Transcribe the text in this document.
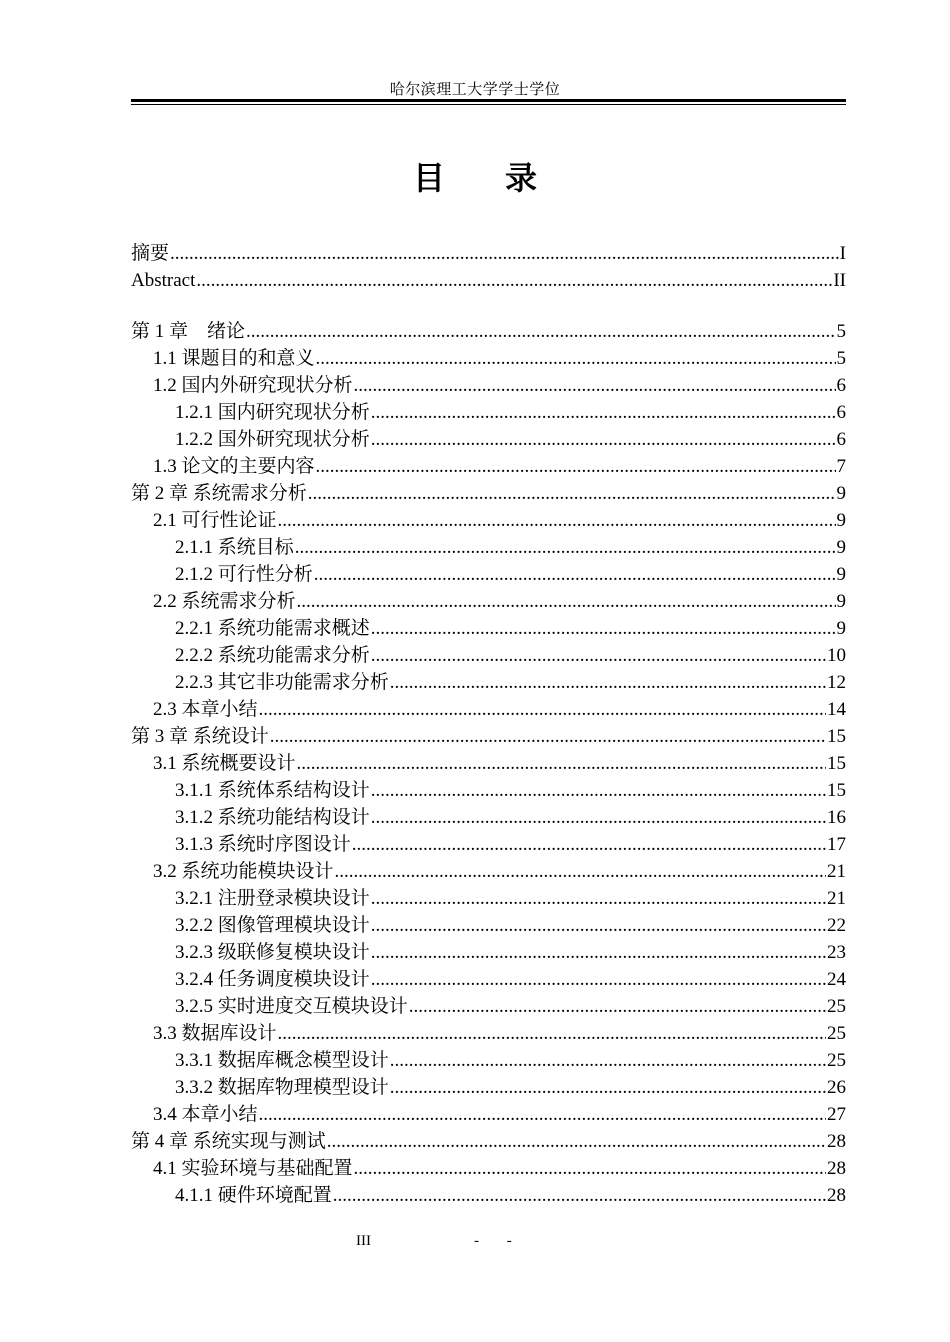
哈尔滨理工大学学士学位
目录
摘要 .....	I
Abstract .....	II
第 1 章　绪论 .....	5
1.1 课题目的和意义 .....	5
1.2 国内外研究现状分析 .....	6
1.2.1 国内研究现状分析 .....	6
1.2.2 国外研究现状分析 .....	6
1.3 论文的主要内容 .....	7
第 2 章 系统需求分析 .....	9
2.1 可行性论证 .....	9
2.1.1 系统目标 .....	9
2.1.2 可行性分析 .....	9
2.2 系统需求分析 .....	9
2.2.1 系统功能需求概述 .....	9
2.2.2 系统功能需求分析 .....	10
2.2.3 其它非功能需求分析 .....	12
2.3 本章小结 .....	14
第 3 章 系统设计 .....	15
3.1 系统概要设计 .....	15
3.1.1 系统体系结构设计 .....	15
3.1.2 系统功能结构设计 .....	16
3.1.3 系统时序图设计 .....	17
3.2 系统功能模块设计 .....	21
3.2.1 注册登录模块设计 .....	21
3.2.2 图像管理模块设计 .....	22
3.2.3 级联修复模块设计 .....	23
3.2.4 任务调度模块设计 .....	24
3.2.5 实时进度交互模块设计 .....	25
3.3 数据库设计 .....	25
3.3.1 数据库概念模型设计 .....	25
3.3.2 数据库物理模型设计 .....	26
3.4 本章小结 .....	27
第 4 章 系统实现与测试 .....	28
4.1 实验环境与基础配置 .....	28
4.1.1 硬件环境配置 .....	28
III	- -
